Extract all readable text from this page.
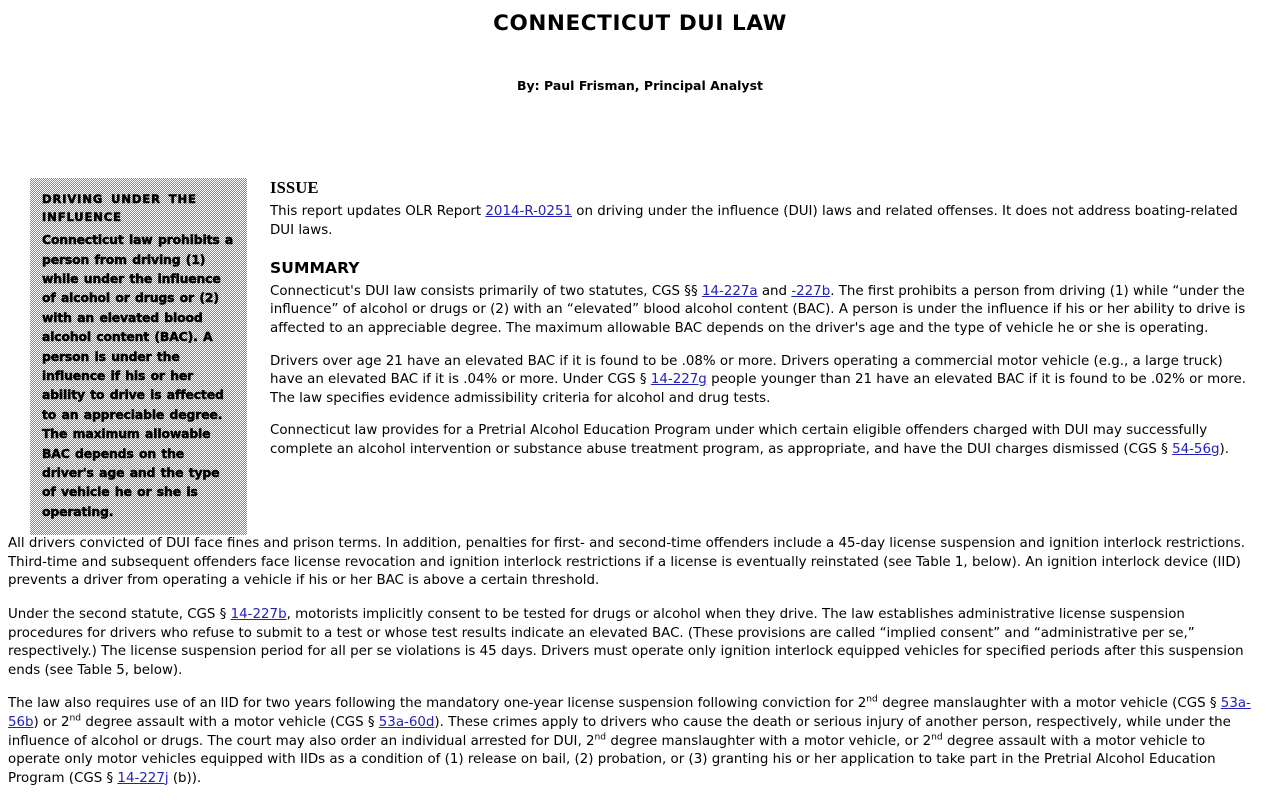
CONNECTICUT DUI LAW

By: Paul Frisman, Principal Analyst

DRIVING UNDER THE INFLUENCE

Connecticut law prohibits a person from driving (1) while under the influence of alcohol or drugs or (2) with an elevated blood alcohol content (BAC). A person is under the influence if his or her ability to drive is affected to an appreciable degree. The maximum allowable BAC depends on the driver's age and the type of vehicle he or she is operating.

ISSUE

This report updates OLR Report 2014-R-0251 on driving under the influence (DUI) laws and related offenses. It does not address boating-related DUI laws.

SUMMARY

Connecticut's DUI law consists primarily of two statutes, CGS §§ 14-227a and -227b. The first prohibits a person from driving (1) while “under the influence” of alcohol or drugs or (2) with an “elevated” blood alcohol content (BAC). A person is under the influence if his or her ability to drive is affected to an appreciable degree. The maximum allowable BAC depends on the driver's age and the type of vehicle he or she is operating.

Drivers over age 21 have an elevated BAC if it is found to be .08% or more. Drivers operating a commercial motor vehicle (e.g., a large truck) have an elevated BAC if it is .04% or more. Under CGS § 14-227g people younger than 21 have an elevated BAC if it is found to be .02% or more. The law specifies evidence admissibility criteria for alcohol and drug tests.

Connecticut law provides for a Pretrial Alcohol Education Program under which certain eligible offenders charged with DUI may successfully complete an alcohol intervention or substance abuse treatment program, as appropriate, and have the DUI charges dismissed (CGS § 54-56g).

All drivers convicted of DUI face fines and prison terms. In addition, penalties for first- and second-time offenders include a 45-day license suspension and ignition interlock restrictions. Third-time and subsequent offenders face license revocation and ignition interlock restrictions if a license is eventually reinstated (see Table 1, below). An ignition interlock device (IID) prevents a driver from operating a vehicle if his or her BAC is above a certain threshold.

Under the second statute, CGS § 14-227b, motorists implicitly consent to be tested for drugs or alcohol when they drive. The law establishes administrative license suspension procedures for drivers who refuse to submit to a test or whose test results indicate an elevated BAC. (These provisions are called “implied consent” and “administrative per se,” respectively.) The license suspension period for all per se violations is 45 days. Drivers must operate only ignition interlock equipped vehicles for specified periods after this suspension ends (see Table 5, below).

The law also requires use of an IID for two years following the mandatory one-year license suspension following conviction for 2nd degree manslaughter with a motor vehicle (CGS § 53a-56b) or 2nd degree assault with a motor vehicle (CGS § 53a-60d). These crimes apply to drivers who cause the death or serious injury of another person, respectively, while under the influence of alcohol or drugs. The court may also order an individual arrested for DUI, 2nd degree manslaughter with a motor vehicle, or 2nd degree assault with a motor vehicle to operate only motor vehicles equipped with IIDs as a condition of (1) release on bail, (2) probation, or (3) granting his or her application to take part in the Pretrial Alcohol Education Program (CGS § 14-227j (b)).
